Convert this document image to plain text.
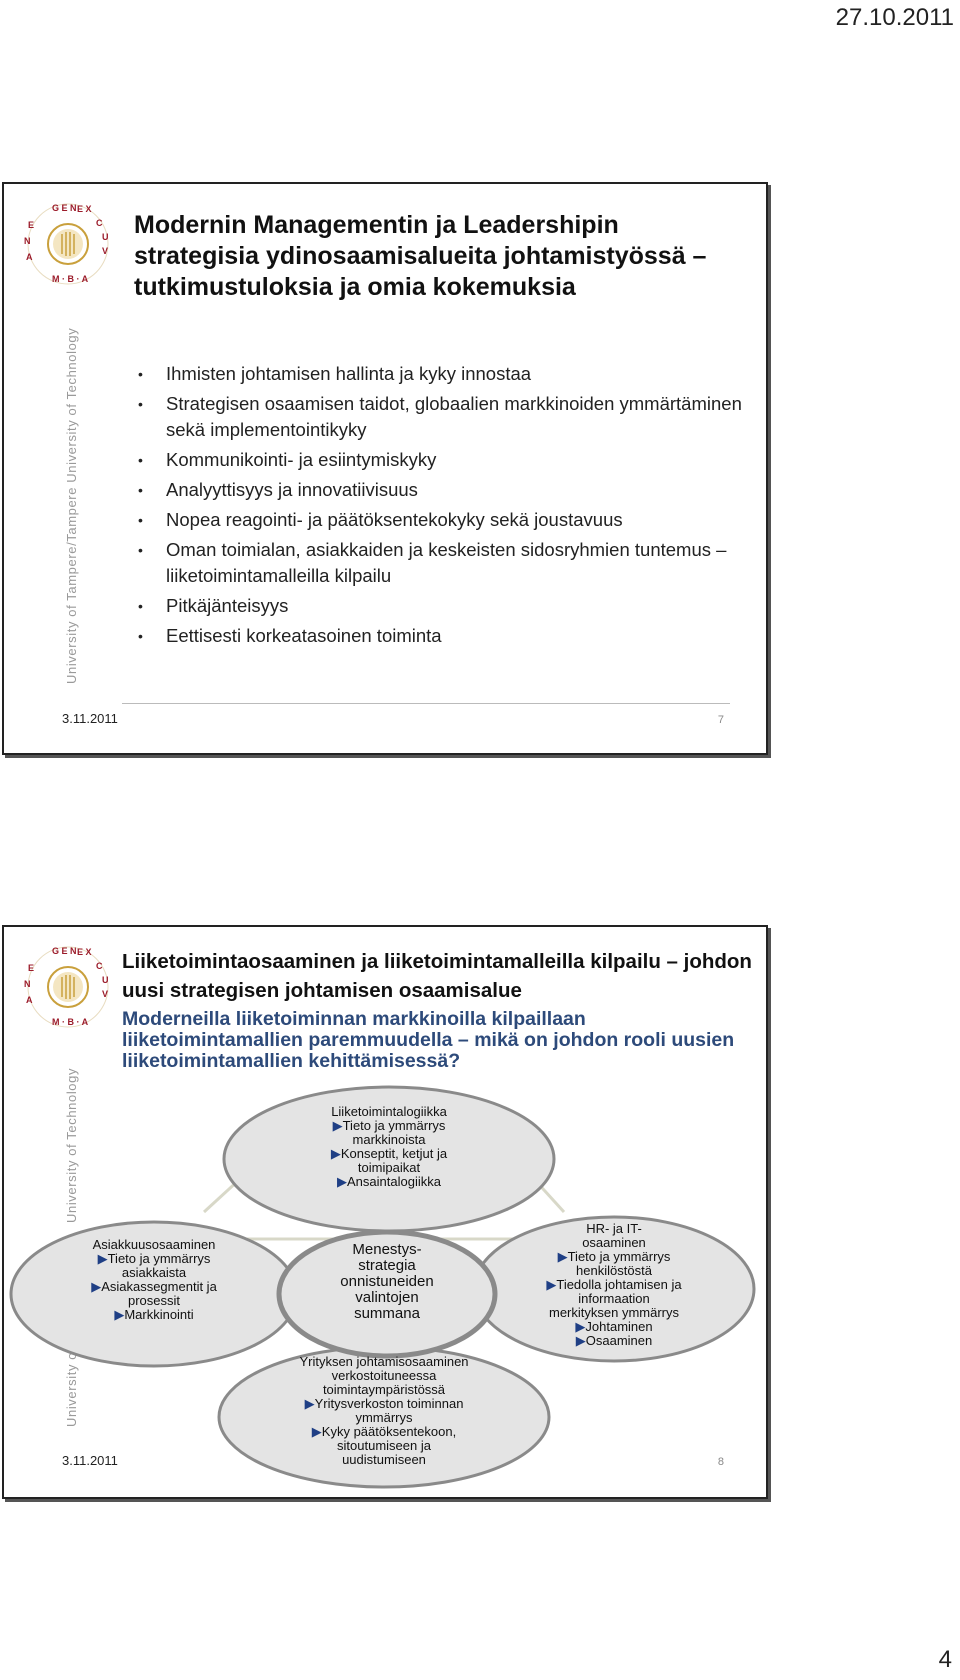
27.10.2011
G E N E X
C
U
V
E
N
A
M · B · A
University of Tampere/Tampere University of Technology
Modernin Managementin ja Leadershipin strategisia ydinosaamisalueita johtamistyössä – tutkimustuloksia ja omia kokemuksia
• Ihmisten johtamisen hallinta ja kyky innostaa
• Strategisen osaamisen taidot, globaalien markkinoiden ymmärtäminen sekä implementointikyky
• Kommunikointi- ja esiintymiskyky
• Analyyttisyys ja innovatiivisuus
• Nopea reagointi- ja päätöksentekokyky sekä joustavuus
• Oman toimialan, asiakkaiden ja keskeisten sidosryhmien tuntemus – liiketoimintamalleilla kilpailu
• Pitkäjänteisyys
• Eettisesti korkeatasoinen toiminta
3.11.2011	7
G E N E X
C
U
V
E
N
A
M · B · A
University of Technology
University of
Liiketoimintaosaaminen ja liiketoimintamalleilla kilpailu – johdon uusi strategisen johtamisen osaamisalue
Moderneilla liiketoiminnan markkinoilla kilpaillaan liiketoimintamallien paremmuudella – mikä on johdon rooli uusien liiketoimintamallien kehittämisessä?
Liiketoimintalogiikka
▶Tieto ja ymmärrys
markkinoista
▶Konseptit, ketjut ja
toimipaikat
▶Ansaintalogiikka
Asiakkuusosaaminen
▶Tieto ja ymmärrys
asiakkaista
▶Asiakassegmentit ja
prosessit
▶Markkinointi
Menestys-
strategia
onnistuneiden
valintojen
summana
HR- ja IT-
osaaminen
▶Tieto ja ymmärrys
henkilöstöstä
▶Tiedolla johtamisen ja
informaation
merkityksen ymmärrys
▶Johtaminen
▶Osaaminen
Yrityksen johtamisosaaminen
verkostoituneessa
toimintaympäristössä
▶Yritysverkoston toiminnan
ymmärrys
▶Kyky päätöksentekoon,
sitoutumiseen ja
uudistumiseen
3.11.2011	8
4
